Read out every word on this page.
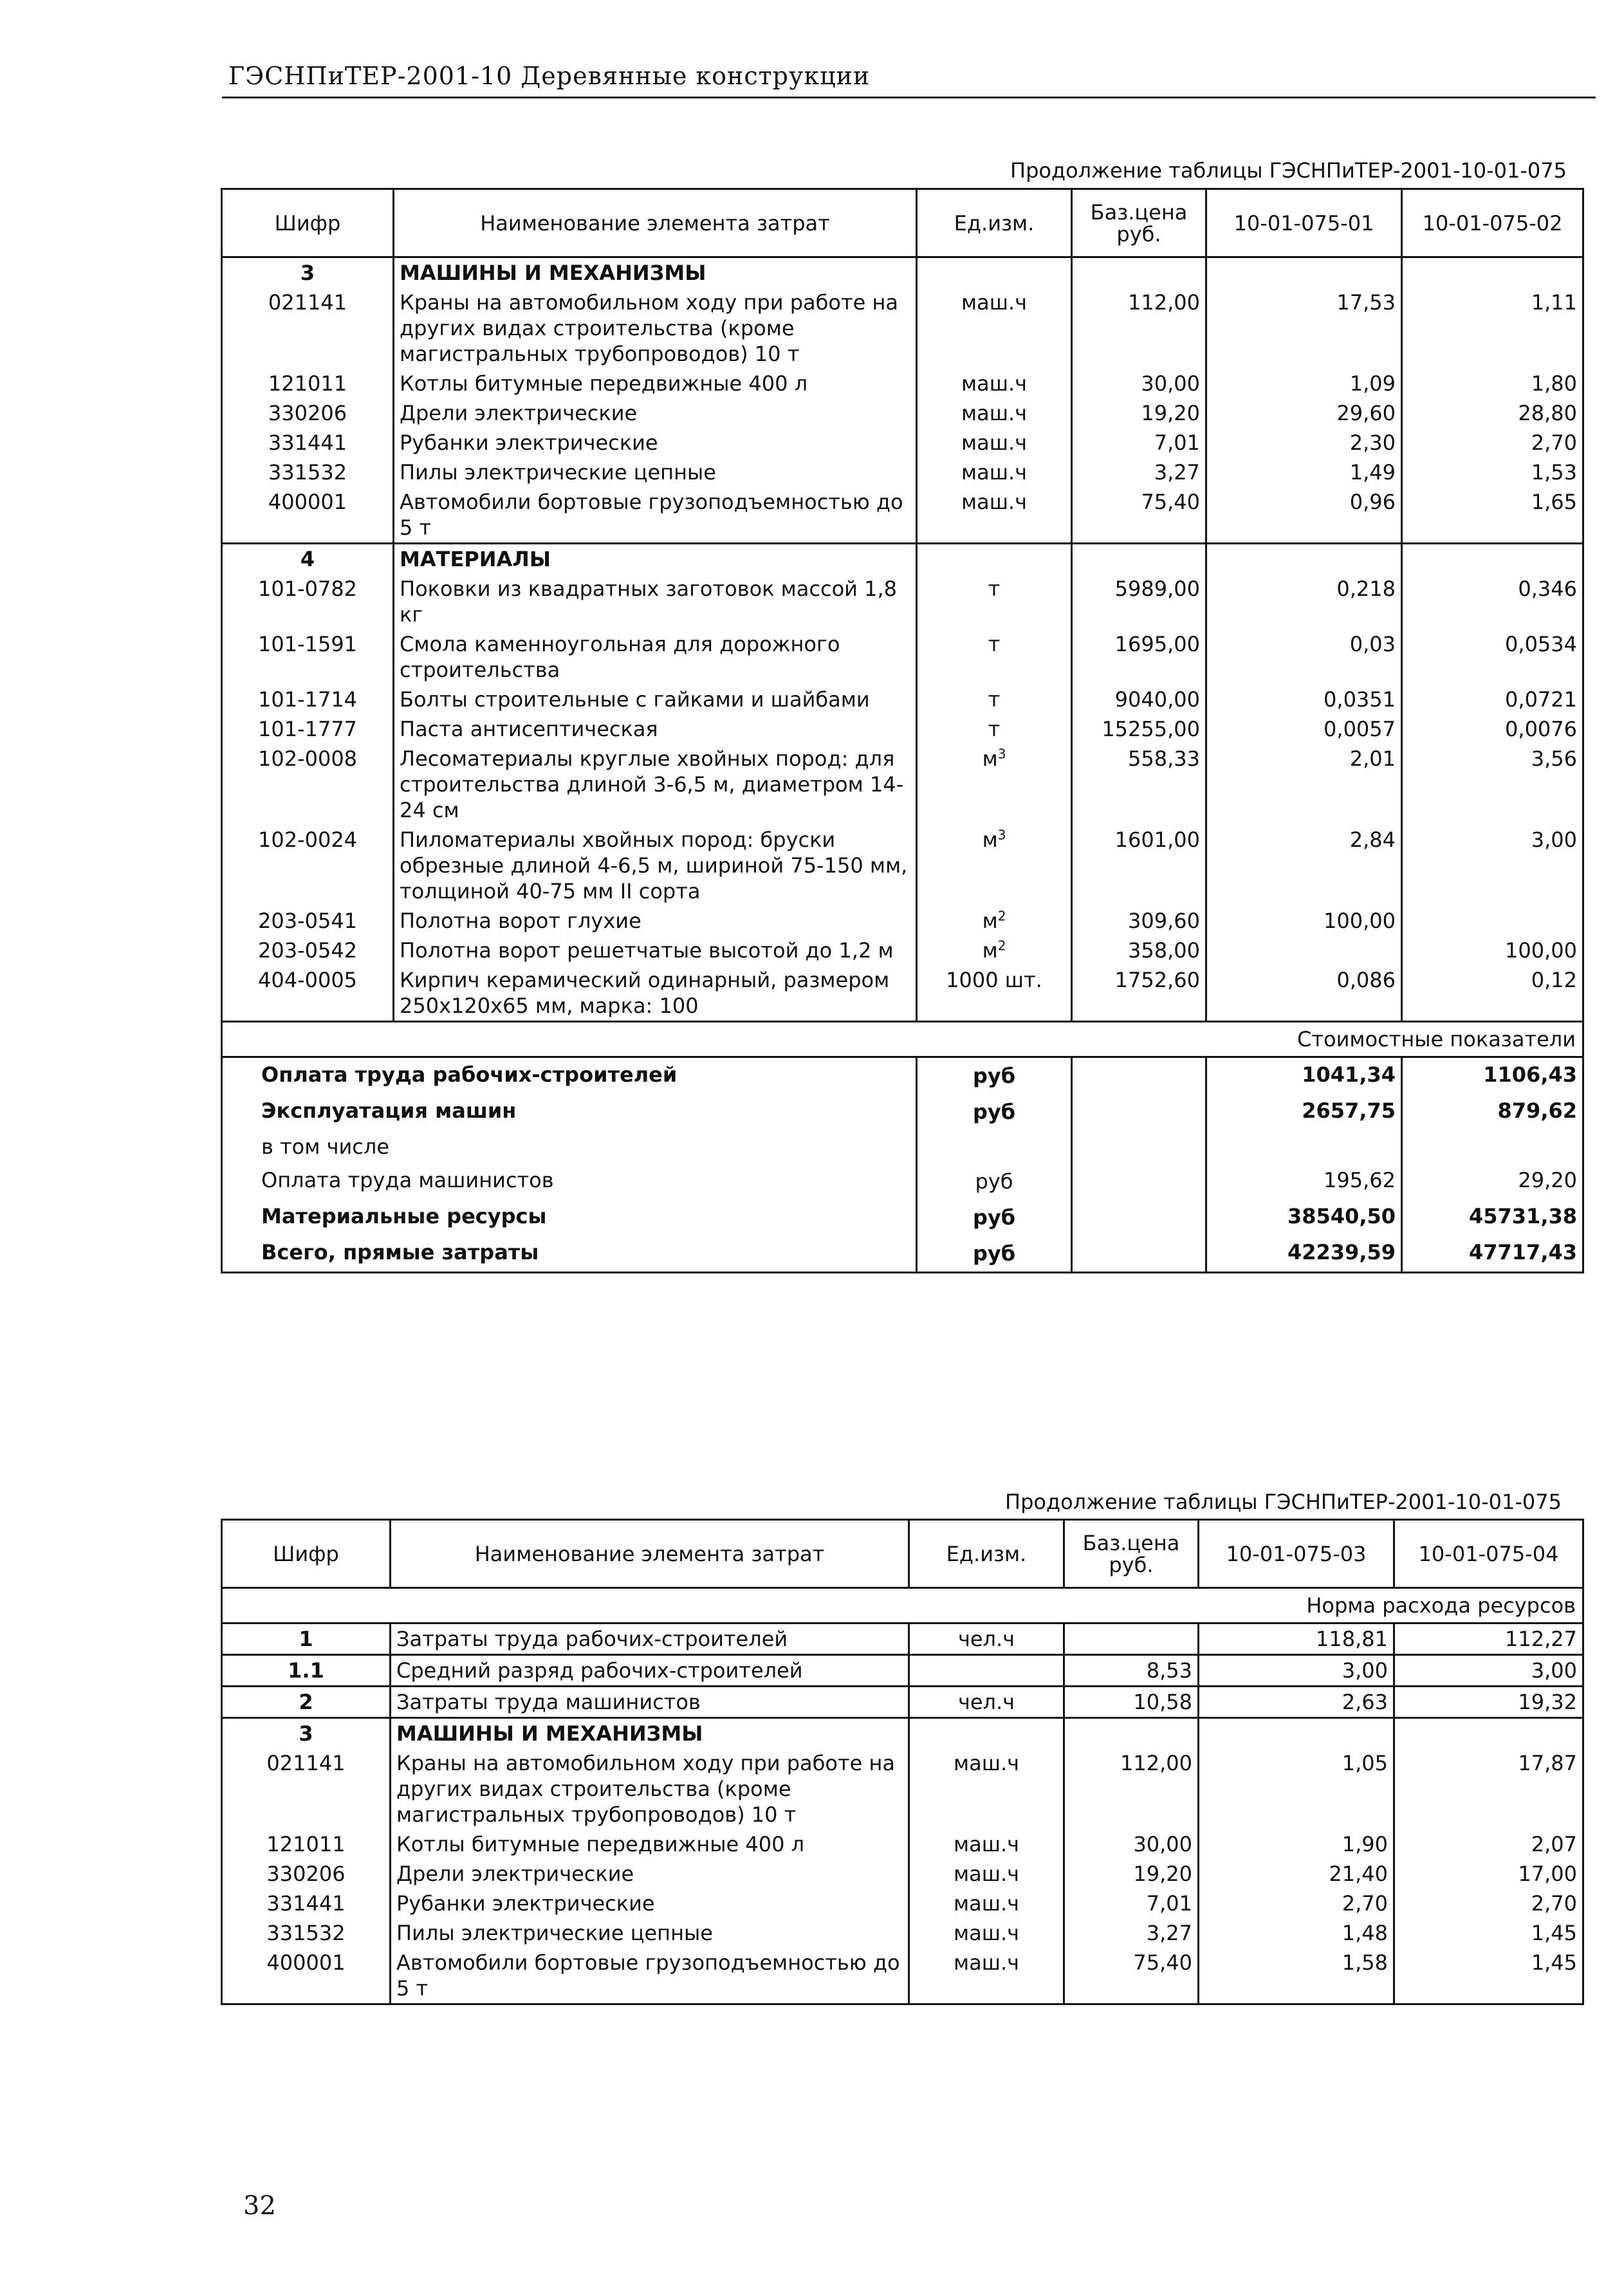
ГЭСНПиТЕР-2001-10 Деревянные конструкции
Продолжение таблицы ГЭСНПиТЕР-2001-10-01-075
Шифр	Наименование элемента затрат	Ед.изм.	Баз.цена руб.	10-01-075-01	10-01-075-02
3	МАШИНЫ И МЕХАНИЗМЫ				
021141	Краны на автомобильном ходу при работе на других видах строительства (кроме магистральных трубопроводов) 10 т	маш.ч	112,00	17,53	1,11
121011	Котлы битумные передвижные 400 л	маш.ч	30,00	1,09	1,80
330206	Дрели электрические	маш.ч	19,20	29,60	28,80
331441	Рубанки электрические	маш.ч	7,01	2,30	2,70
331532	Пилы электрические цепные	маш.ч	3,27	1,49	1,53
400001	Автомобили бортовые грузоподъемностью до 5 т	маш.ч	75,40	0,96	1,65
4	МАТЕРИАЛЫ				
101-0782	Поковки из квадратных заготовок массой 1,8 кг	т	5989,00	0,218	0,346
101-1591	Смола каменноугольная для дорожного строительства	т	1695,00	0,03	0,0534
101-1714	Болты строительные с гайками и шайбами	т	9040,00	0,0351	0,0721
101-1777	Паста антисептическая	т	15255,00	0,0057	0,0076
102-0008	Лесоматериалы круглые хвойных пород: для строительства длиной 3-6,5 м, диаметром 14-24 см	$м^3$	558,33	2,01	3,56
102-0024	Пиломатериалы хвойных пород: бруски обрезные длиной 4-6,5 м, шириной 75-150 мм, толщиной 40-75 мм II сорта	$м^3$	1601,00	2,84	3,00
203-0541	Полотна ворот глухие	$м^2$	309,60	100,00	
203-0542	Полотна ворот решетчатые высотой до 1,2 м	$м^2$	358,00		100,00
404-0005	Кирпич керамический одинарный, размером 250х120х65 мм, марка: 100	1000 шт.	1752,60	0,086	0,12
Стоимостные показатели					
Оплата труда рабочих-строителей		руб		1041,34	1106,43
Эксплуатация машин		руб		2657,75	879,62
в том числе					
Оплата труда машинистов		руб		195,62	29,20
Материальные ресурсы		руб		38540,50	45731,38
Всего, прямые затраты		руб		42239,59	47717,43
Продолжение таблицы ГЭСНПиТЕР-2001-10-01-075
Шифр	Наименование элемента затрат	Ед.изм.	Баз.цена руб.	10-01-075-03	10-01-075-04
Норма расхода ресурсов					
1	Затраты труда рабочих-строителей	чел.ч		118,81	112,27
1.1	Средний разряд рабочих-строителей		8,53	3,00	3,00
2	Затраты труда машинистов	чел.ч	10,58	2,63	19,32
3	МАШИНЫ И МЕХАНИЗМЫ				
021141	Краны на автомобильном ходу при работе на других видах строительства (кроме магистральных трубопроводов) 10 т	маш.ч	112,00	1,05	17,87
121011	Котлы битумные передвижные 400 л	маш.ч	30,00	1,90	2,07
330206	Дрели электрические	маш.ч	19,20	21,40	17,00
331441	Рубанки электрические	маш.ч	7,01	2,70	2,70
331532	Пилы электрические цепные	маш.ч	3,27	1,48	1,45
400001	Автомобили бортовые грузоподъемностью до 5 т	маш.ч	75,40	1,58	1,45
32
